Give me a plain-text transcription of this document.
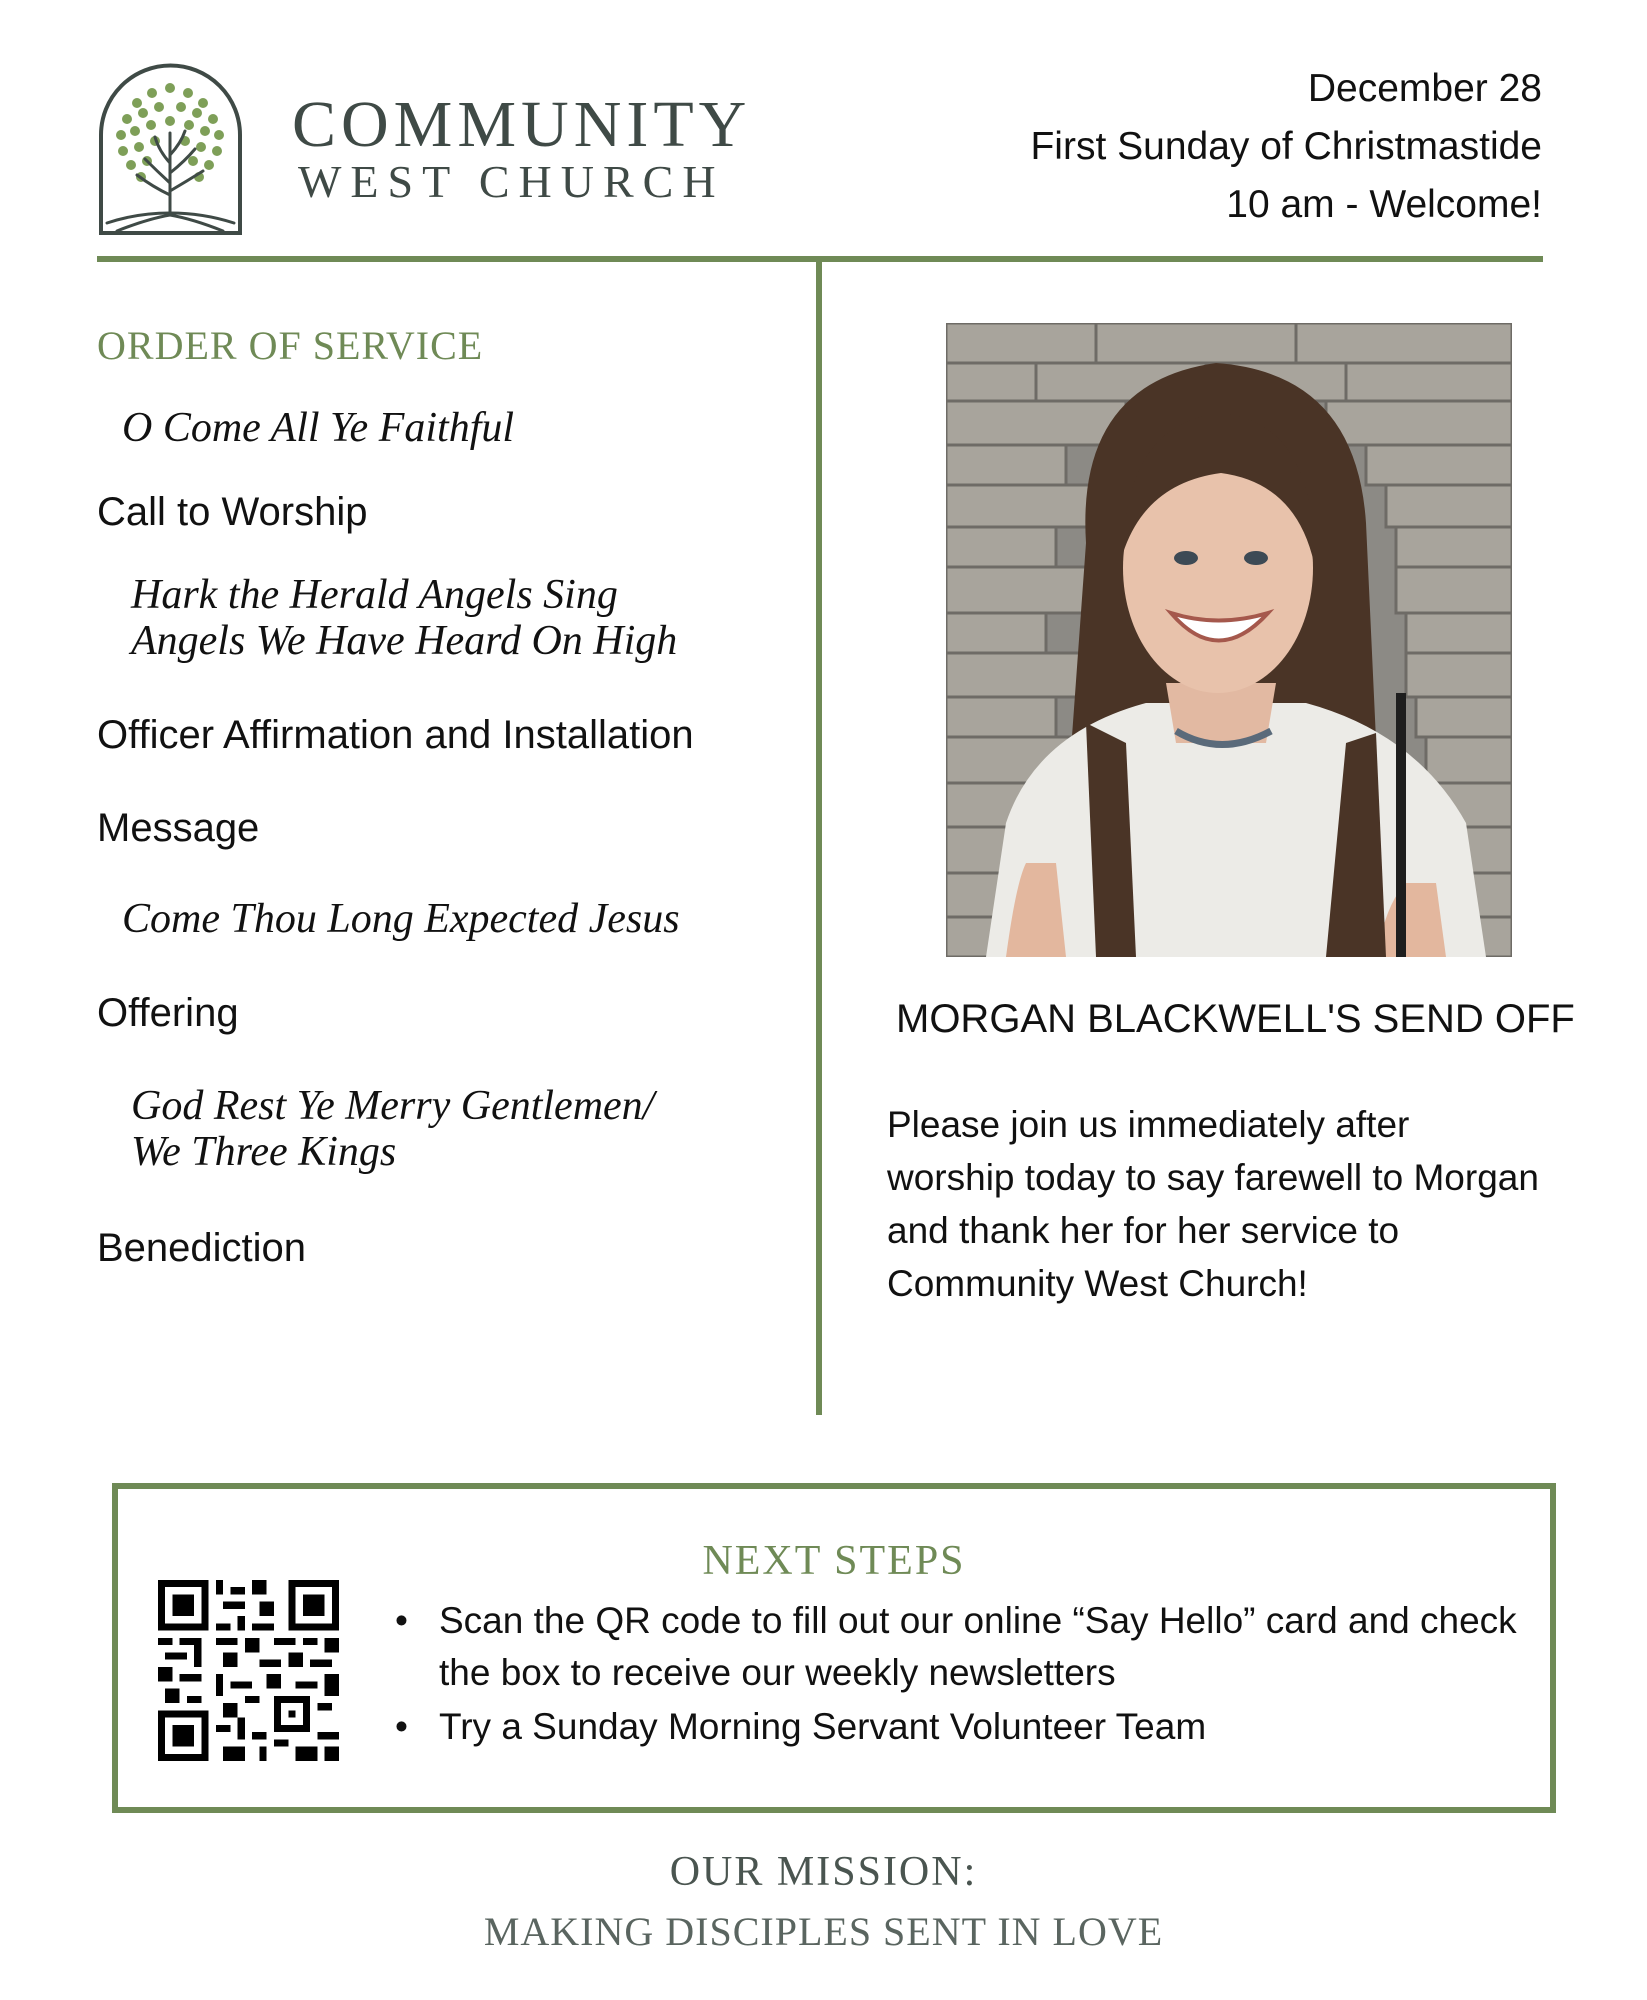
COMMUNITY
WEST CHURCH
December 28
First Sunday of Christmastide
10 am - Welcome!
ORDER OF SERVICE
O Come All Ye Faithful
Call to Worship
Hark the Herald Angels Sing
Angels We Have Heard On High
Officer Affirmation and Installation
Message
Come Thou Long Expected Jesus
Offering
God Rest Ye Merry Gentlemen/
We Three Kings
Benediction
MORGAN BLACKWELL'S SEND OFF
Please join us immediately after
worship today to say farewell to Morgan
and thank her for her service to
Community West Church!
NEXT STEPS
• Scan the QR code to fill out our online “Say Hello” card and check the box to receive our weekly newsletters
• Try a Sunday Morning Servant Volunteer Team
OUR MISSION:
MAKING DISCIPLES SENT IN LOVE
